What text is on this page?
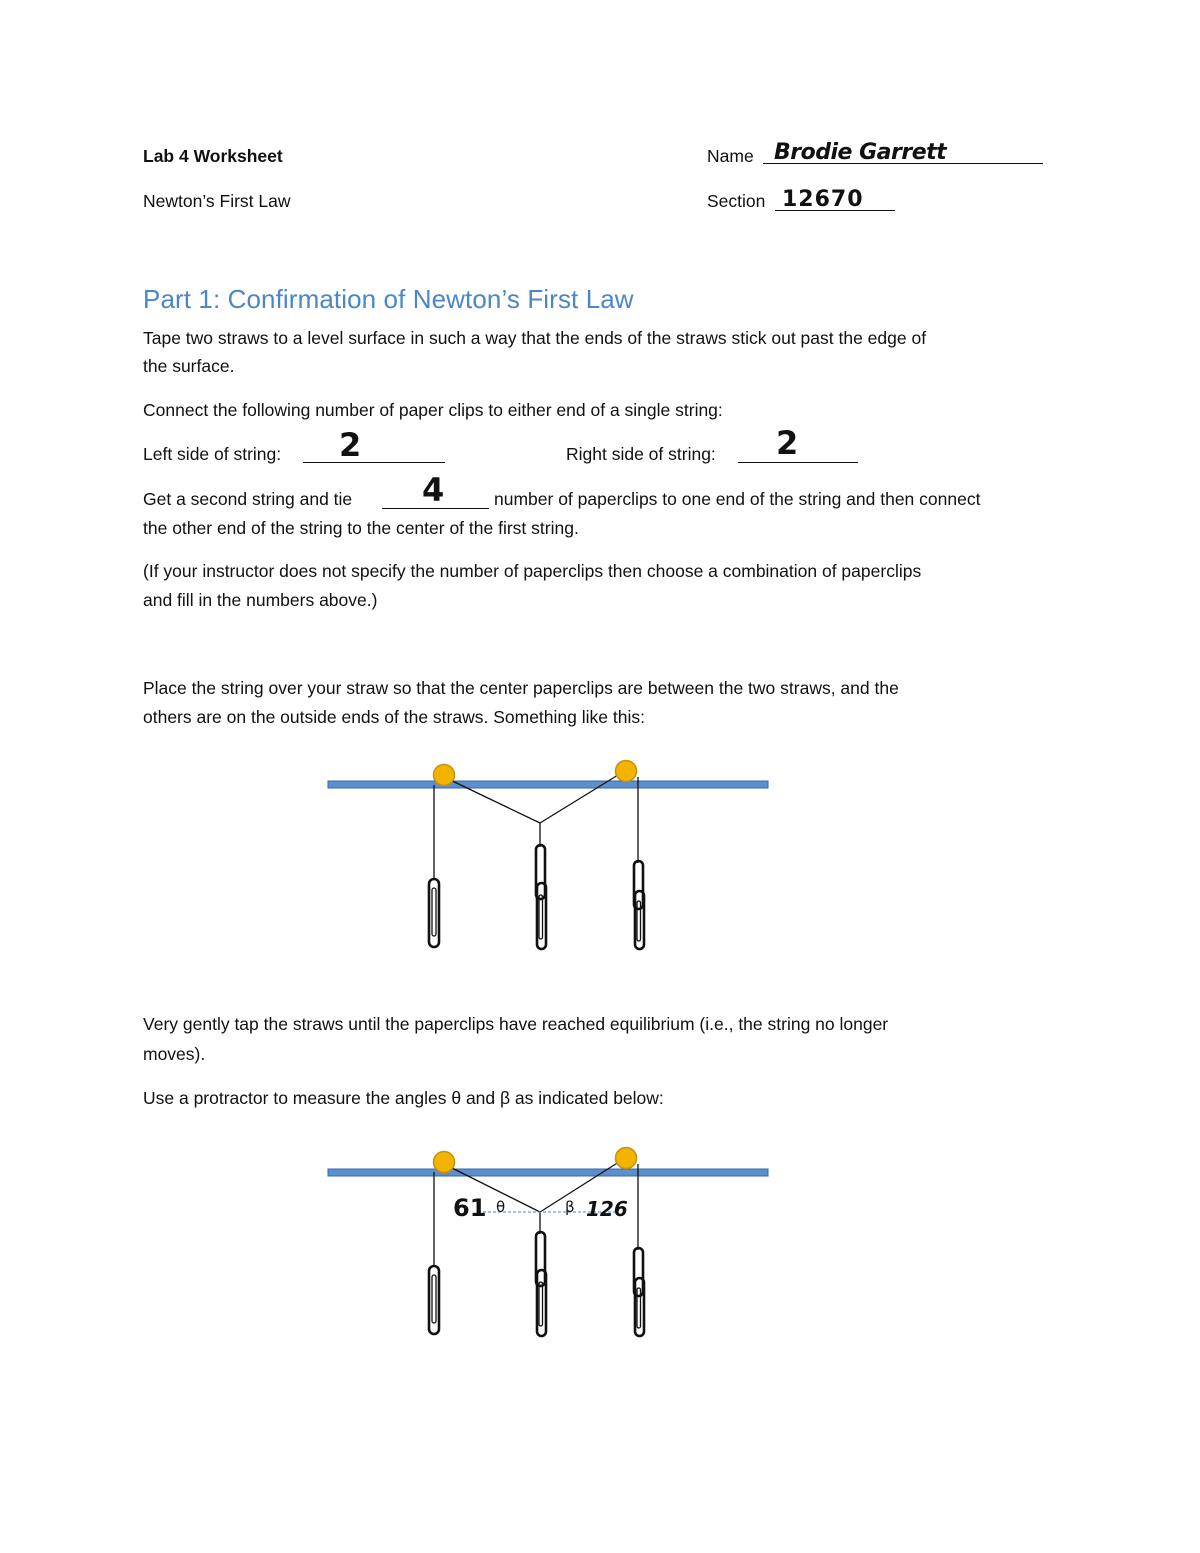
Lab 4 Worksheet
Newton’s First Law
Name Brodie Garrett
Section 12670
Part 1: Confirmation of Newton’s First Law
Tape two straws to a level surface in such a way that the ends of the straws stick out past the edge of
the surface.
Connect the following number of paper clips to either end of a single string:
Left side of string: 2	Right side of string: 2
Get a second string and tie 4	number of paperclips to one end of the string and then connect
the other end of the string to the center of the first string.
(If your instructor does not specify the number of paperclips then choose a combination of paperclips
and fill in the numbers above.)
Place the string over your straw so that the center paperclips are between the two straws, and the
others are on the outside ends of the straws. Something like this:
Very gently tap the straws until the paperclips have reached equilibrium (i.e., the string no longer
moves).
Use a protractor to measure the angles θ and β as indicated below:
θ	β
61	126
